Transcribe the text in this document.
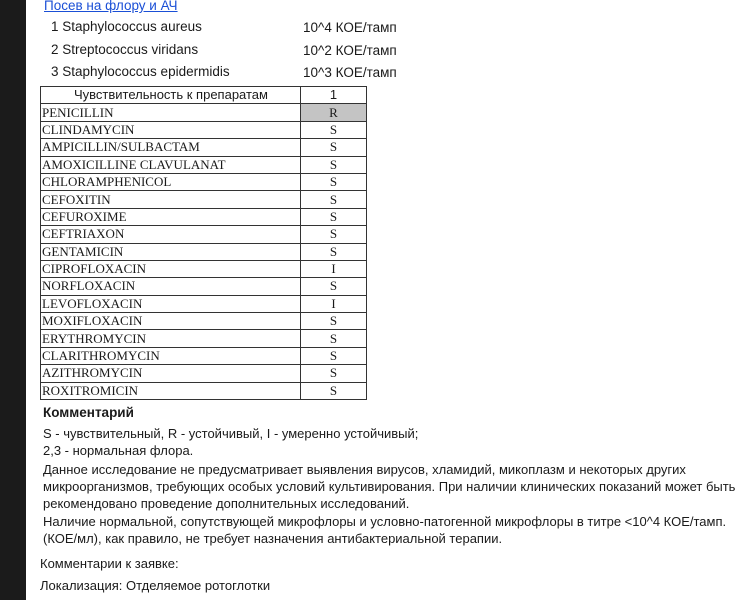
Посев на флору и АЧ
1 Staphylococcus aureus	10^4 КОЕ/тамп
2 Streptococcus viridans	10^2 КОЕ/тамп
3 Staphylococcus epidermidis	10^3 КОЕ/тамп
Чувствительность к препаратам	1
PENICILLIN	R
CLINDAMYCIN	S
AMPICILLIN/SULBACTAM	S
AMOXICILLINE CLAVULANAT	S
CHLORAMPHENICOL	S
CEFOXITIN	S
CEFUROXIME	S
CEFTRIAXON	S
GENTAMICIN	S
CIPROFLOXACIN	I
NORFLOXACIN	S
LEVOFLOXACIN	I
MOXIFLOXACIN	S
ERYTHROMYCIN	S
CLARITHROMYCIN	S
AZITHROMYCIN	S
ROXITROMICIN	S
Комментарий
S - чувствительный, R - устойчивый, I - умеренно устойчивый;
2,3 - нормальная флора.
Данное исследование не предусматривает выявления вирусов, хламидий, микоплазм и некоторых других микроорганизмов, требующих особых условий культивирования. При наличии клинических показаний может быть рекомендовано проведение дополнительных исследований.
Наличие нормальной, сопутствующей микрофлоры и условно-патогенной микрофлоры в титре <10^4 КОЕ/тамп. (КОЕ/мл), как правило, не требует назначения антибактериальной терапии.
Комментарии к заявке:
Локализация: Отделяемое ротоглотки
